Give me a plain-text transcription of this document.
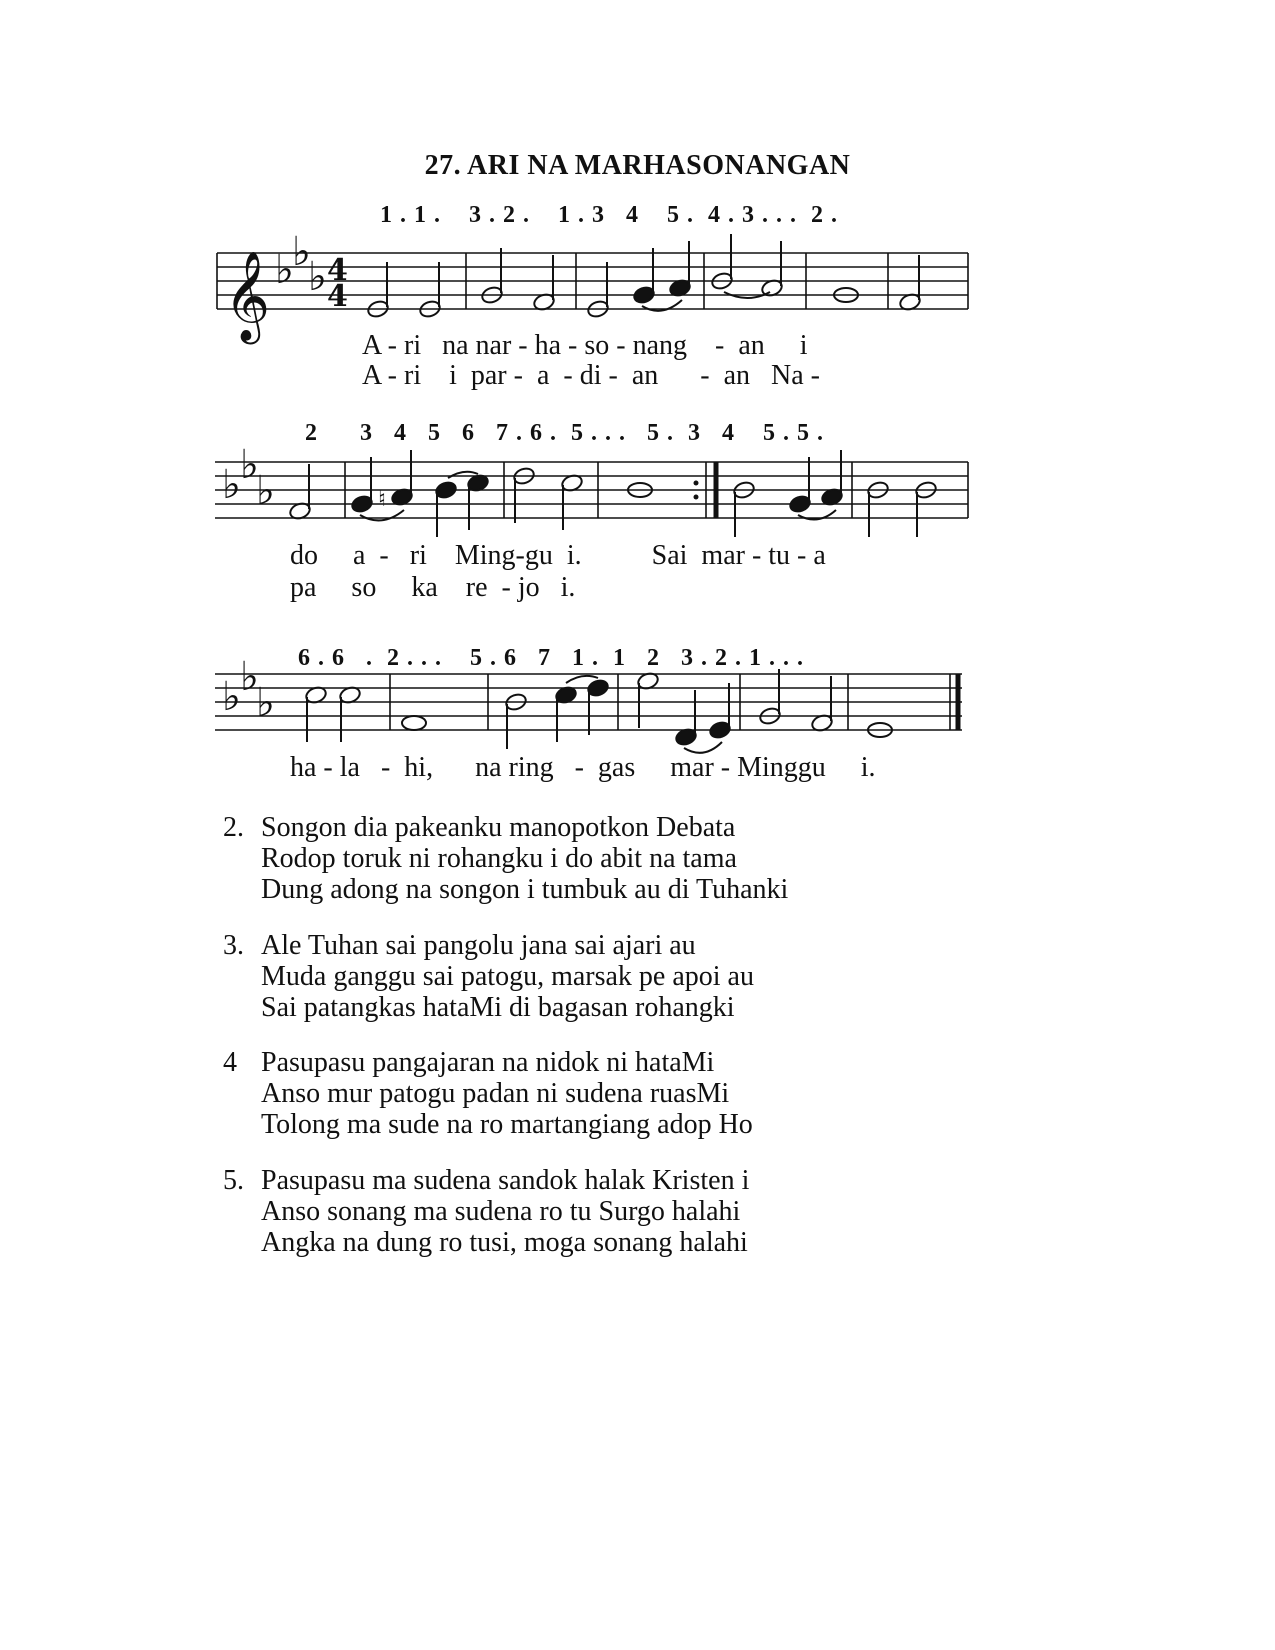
27. ARI NA MARHASONANGAN
1 . 1 .    3 . 2 .    1 . 3   4    5 .  4 . 3 . . .  2 .
A - ri   na nar - ha - so - nang    -  an     i
A - ri    i  par -  a  - di -  an      -  an   Na -
2      3   4   5   6   7 . 6 .  5 . . .   5 .  3   4    5 . 5 .
do     a  -   ri    Ming-gu  i.          Sai  mar - tu - a
pa     so     ka    re  - jo   i.
6 . 6   .  2 . . .    5 . 6   7   1 .  1   2   3 . 2 . 1 . . .
ha - la   -  hi,      na ring   -  gas     mar - Minggu     i.
𝄞 ♭
♭
♭ 4
4
♭ ♭
♭
♭ ♭
♭
♮
2. Songon dia pakeanku manopotkon Debata
Rodop toruk ni rohangku i do abit na tama
Dung adong na songon i tumbuk au di Tuhanki
3. Ale Tuhan sai pangolu jana sai ajari au
Muda ganggu sai patogu, marsak pe apoi au
Sai patangkas hataMi di bagasan rohangki
4 Pasupasu pangajaran na nidok ni hataMi
Anso mur patogu padan ni sudena ruasMi
Tolong ma sude na ro martangiang adop Ho
5. Pasupasu ma sudena sandok halak Kristen i
Anso sonang ma sudena ro tu Surgo halahi
Angka na dung ro tusi, moga sonang halahi
